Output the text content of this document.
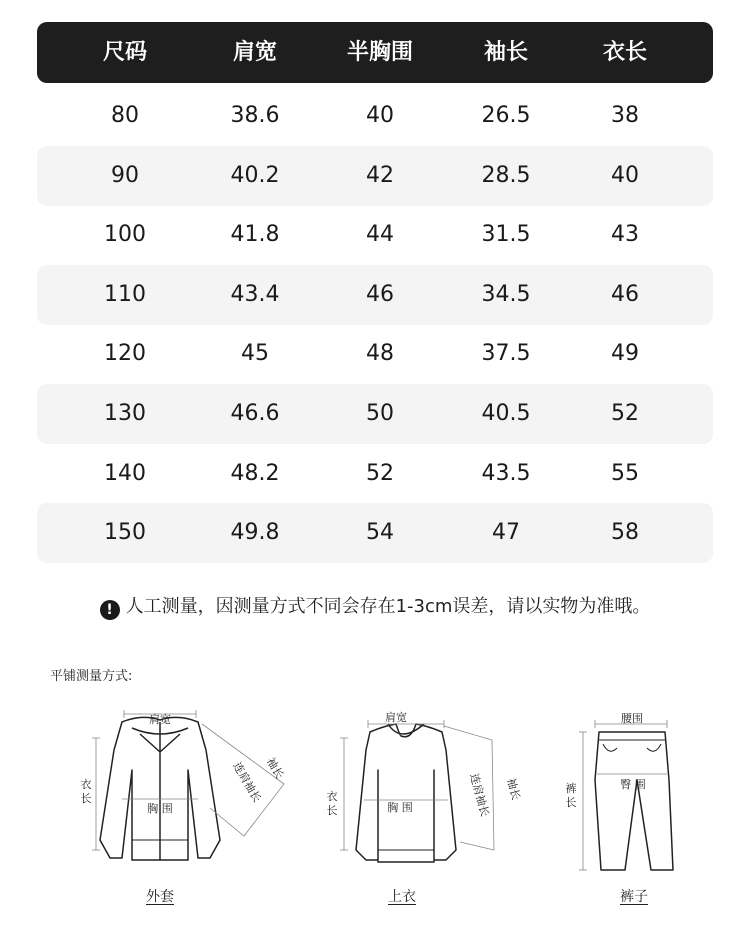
尺码	肩宽	半胸围	袖长	衣长
80	38.6	40	26.5	38
90	40.2	42	28.5	40
100	41.8	44	31.5	43
110	43.4	46	34.5	46
120	45	48	37.5	49
130	46.6	50	40.5	52
140	48.2	52	43.5	55
150	49.8	54	47	58
! 人工测量，因测量方式不同会存在1-3cm误差，请以实物为准哦。
平铺测量方式:
肩宽
衣
长
胸 围
袖长
连肩袖长
外套
肩宽
衣
长	胸 围
袖长
连肩袖长
上衣
腰围
臀 围
裤
长
裤子
